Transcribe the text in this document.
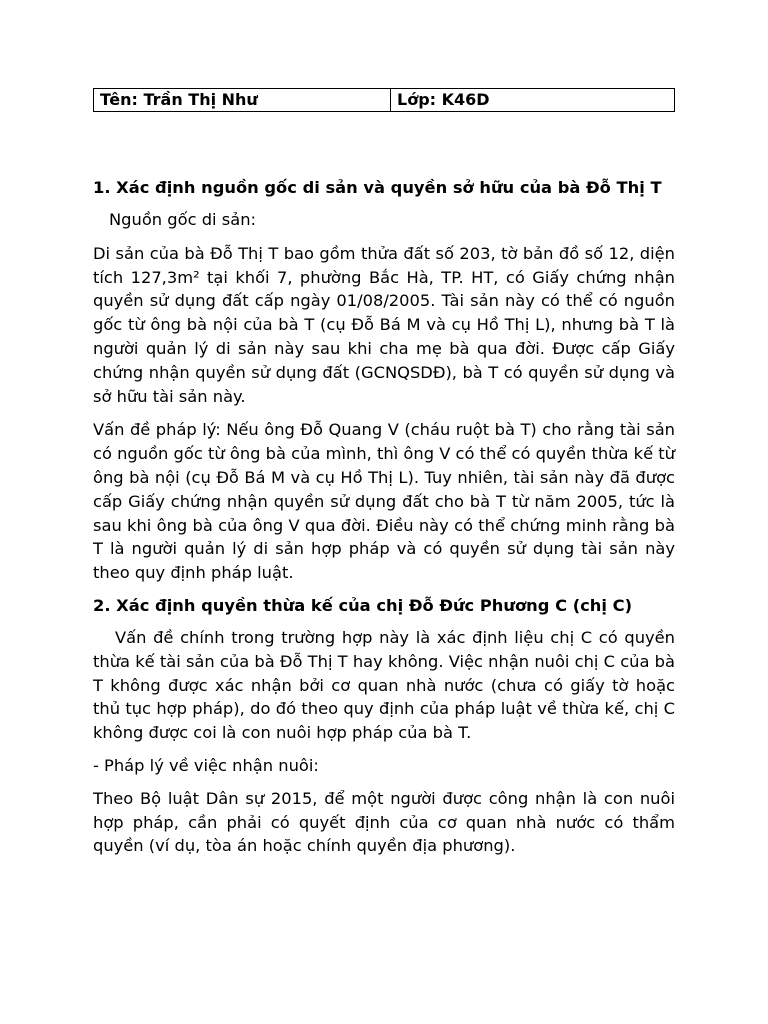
Tên: Trần Thị Như	Lớp: K46D

1. Xác định nguồn gốc di sản và quyền sở hữu của bà Đỗ Thị T

Nguồn gốc di sản:

Di sản của bà Đỗ Thị T bao gồm thửa đất số 203, tờ bản đồ số 12, diện tích 127,3m² tại khối 7, phường Bắc Hà, TP. HT, có Giấy chứng nhận quyền sử dụng đất cấp ngày 01/08/2005. Tài sản này có thể có nguồn gốc từ ông bà nội của bà T (cụ Đỗ Bá M và cụ Hồ Thị L), nhưng bà T là người quản lý di sản này sau khi cha mẹ bà qua đời. Được cấp Giấy chứng nhận quyền sử dụng đất (GCNQSDĐ), bà T có quyền sử dụng và sở hữu tài sản này.

Vấn đề pháp lý: Nếu ông Đỗ Quang V (cháu ruột bà T) cho rằng tài sản có nguồn gốc từ ông bà của mình, thì ông V có thể có quyền thừa kế từ ông bà nội (cụ Đỗ Bá M và cụ Hồ Thị L). Tuy nhiên, tài sản này đã được cấp Giấy chứng nhận quyền sử dụng đất cho bà T từ năm 2005, tức là sau khi ông bà của ông V qua đời. Điều này có thể chứng minh rằng bà T là người quản lý di sản hợp pháp và có quyền sử dụng tài sản này theo quy định pháp luật.

2. Xác định quyền thừa kế của chị Đỗ Đức Phương C (chị C)

Vấn đề chính trong trường hợp này là xác định liệu chị C có quyền thừa kế tài sản của bà Đỗ Thị T hay không. Việc nhận nuôi chị C của bà T không được xác nhận bởi cơ quan nhà nước (chưa có giấy tờ hoặc thủ tục hợp pháp), do đó theo quy định của pháp luật về thừa kế, chị C không được coi là con nuôi hợp pháp của bà T.

- Pháp lý về việc nhận nuôi:

Theo Bộ luật Dân sự 2015, để một người được công nhận là con nuôi hợp pháp, cần phải có quyết định của cơ quan nhà nước có thẩm quyền (ví dụ, tòa án hoặc chính quyền địa phương).
